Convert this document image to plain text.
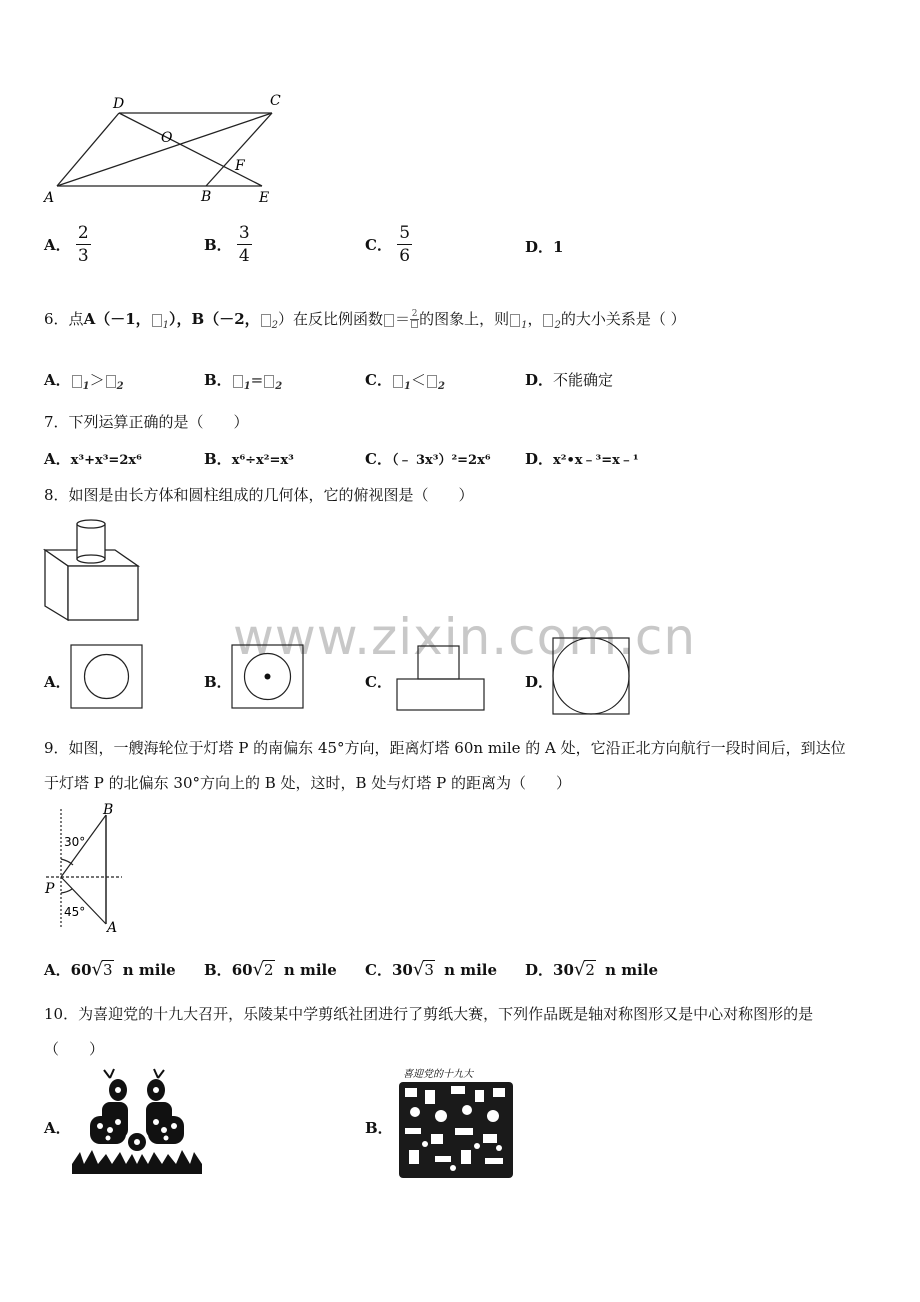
D	C
O
F
A	B	E
A． $\frac{2}{3}$	B． $\frac{3}{4}$	C． $\frac{5}{6}$	D．1
6．点A（－1， $_1$），B（－2， $_2$）在反比例函数 ＝ 2 的图象上，则 $_1$， $_2$的大小关系是（ ）
A． $_1$＞ $_2$	B． $_1$= $_2$	C． $_1$＜ $_2$	D．不能确定
7．下列运算正确的是（　　）
A．x³+x³=2x⁶	B．x⁶÷x²=x³	C．（﹣ 3x³）²=2x⁶ D．x²•x﹣³=x﹣¹
8．如图是由长方体和圆柱组成的几何体，它的俯视图是（　　）
www.zixin.com.cn
A．	B．	C．	D．
9．如图，一艘海轮位于灯塔 P 的南偏东 45°方向，距离灯塔 60n mile 的 A 处，它沿正北方向航行一段时间后，到达位
于灯塔 P 的北偏东 30°方向上的 B 处，这时，B 处与灯塔 P 的距离为（　　）
B
30°
P
45°
A
A．60√3 n mile B．60√2 n mile C．30√3 n mile D．30√2 n mile
10．为喜迎党的十九大召开，乐陵某中学剪纸社团进行了剪纸大赛，下列作品既是轴对称图形又是中心对称图形的是
（　　）
A．	B．
喜迎党的十九大
